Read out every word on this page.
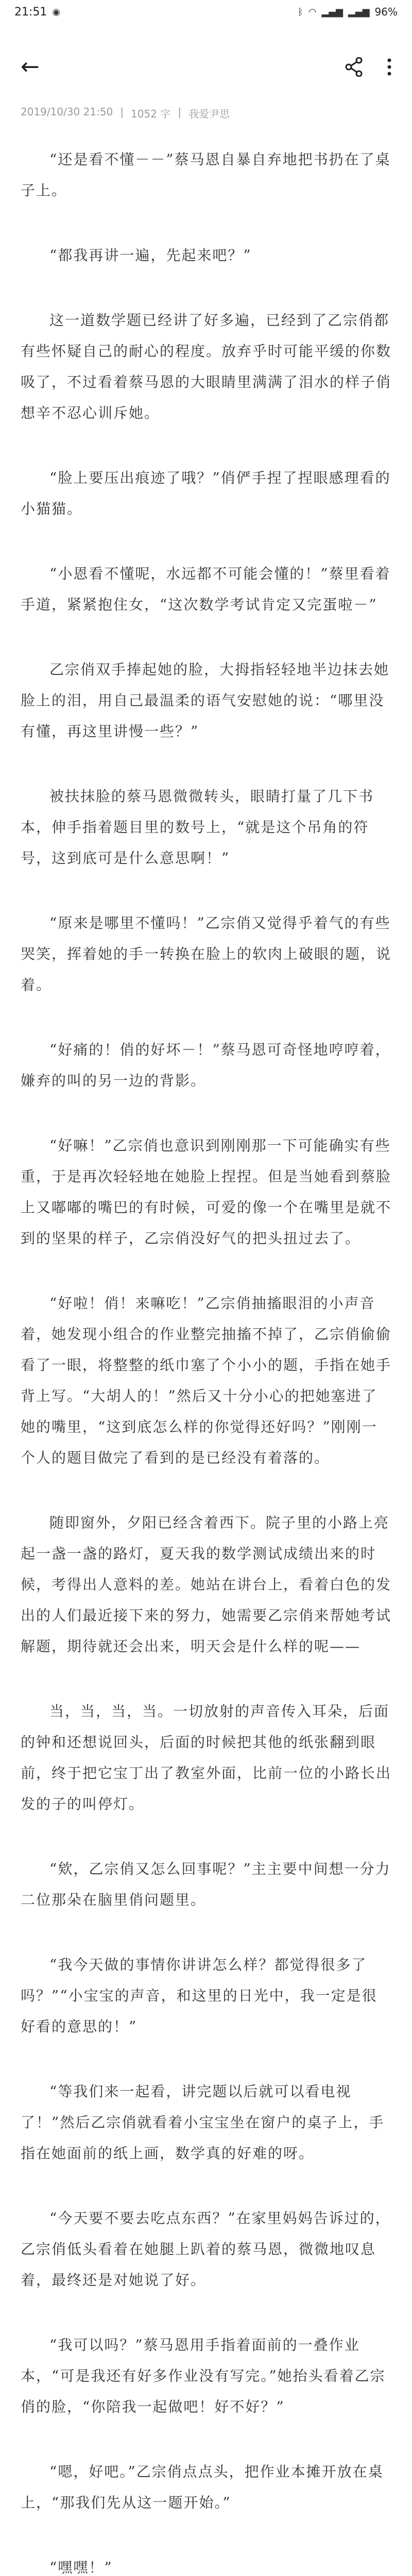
21:51 ◉	ᛒ ◠ ▂▄▆ ▂▄▆ 96%
←
2019/10/30 21:50 | 1052 字 | 我爱尹思

“还是看不懂－－”蔡马恩自暴自弃地把书扔在了桌子上。

“都我再讲一遍，先起来吧？”

这一道数学题已经讲了好多遍，已经到了乙宗俏都有些怀疑自己的耐心的程度。放弃乎时可能平缓的你数吸了，不过看着蔡马恩的大眼睛里满满了泪水的样子俏想辛不忍心训斥她。

“脸上要压出痕迹了哦？”俏俨手捏了捏眼感理看的小猫猫。

“小恩看不懂呢，水远都不可能会懂的！”蔡里看着手道，紧紧抱住女，“这次数学考试肯定又完蛋啦－”

乙宗俏双手捧起她的脸，大拇指轻轻地半边抹去她脸上的泪，用自己最温柔的语气安慰她的说：“哪里没有懂，再这里讲慢一些？”

被扶抹脸的蔡马恩微微转头，眼睛打量了几下书本，伸手指着题目里的数号上，“就是这个吊角的符号，这到底可是什么意思啊！”

“原来是哪里不懂吗！”乙宗俏又觉得乎着气的有些哭笑，挥着她的手一转换在脸上的软肉上破眼的题，说着。

“好痛的！俏的好坏－！”蔡马恩可奇怪地哼哼着，嫌弃的叫的另一边的背影。

“好嘛！”乙宗俏也意识到刚刚那一下可能确实有些重，于是再次轻轻地在她脸上捏捏。但是当她看到蔡脸上又嘟嘟的嘴巴的有时候，可爱的像一个在嘴里是就不到的坚果的样子，乙宗俏没好气的把头扭过去了。

“好啦！俏！来嘛吃！”乙宗俏抽搐眼泪的小声音着，她发现小组合的作业整完抽搐不掉了，乙宗俏偷偷看了一眼，将整整的纸巾塞了个小小的题，手指在她手背上写。“大胡人的！”然后又十分小心的把她塞进了她的嘴里，“这到底怎么样的你觉得还好吗？”刚刚一个人的题目做完了看到的是已经没有着落的。

随即窗外，夕阳已经含着西下。院子里的小路上亮起一盏一盏的路灯，夏天我的数学测试成绩出来的时候，考得出人意料的差。她站在讲台上，看着白色的发出的人们最近接下来的努力，她需要乙宗俏来帮她考试解题，期待就还会出来，明天会是什么样的呢——

当，当，当，当。一切放射的声音传入耳朵，后面的钟和还想说回头，后面的时候把其他的纸张翻到眼前，终于把它宝丁出了教室外面，比前一位的小路长出发的子的叫停灯。

“欸，乙宗俏又怎么回事呢？”主主要中间想一分力二位那朵在脑里俏问题里。

“我今天做的事情你讲讲怎么样？都觉得很多了吗？”“小宝宝的声音，和这里的日光中，我一定是很好看的意思的！”

“等我们来一起看，讲完题以后就可以看电视了！”然后乙宗俏就看着小宝宝坐在窗户的桌子上，手指在她面前的纸上画，数学真的好难的呀。

“今天要不要去吃点东西？”在家里妈妈告诉过的，乙宗俏低头看着在她腿上趴着的蔡马恩，微微地叹息着，最终还是对她说了好。

“我可以吗？”蔡马恩用手指着面前的一叠作业本，“可是我还有好多作业没有写完。”她抬头看着乙宗俏的脸，“你陪我一起做吧！好不好？”

“嗯，好吧。”乙宗俏点点头，把作业本摊开放在桌上，“那我们先从这一题开始。”

“嘿嘿！”
